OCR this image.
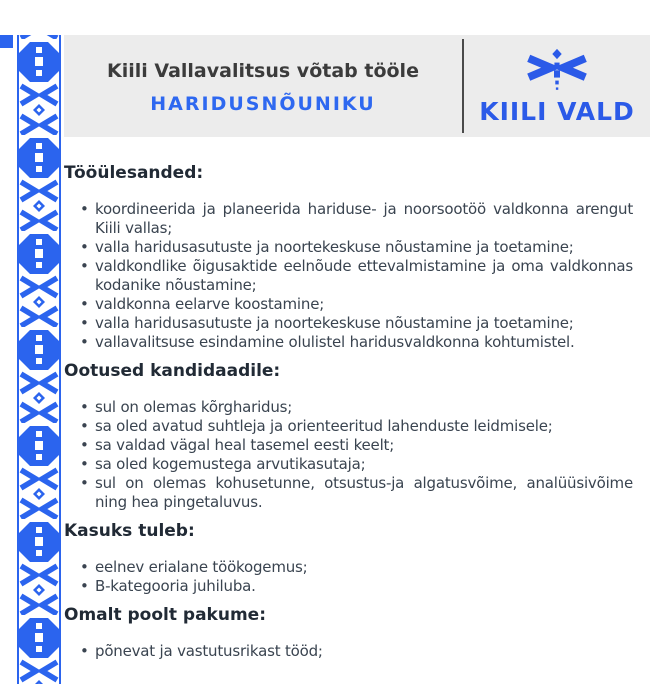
Kiili Vallavalitsus võtab tööle
HARIDUSNÕUNIKU	KIILI VALD
Tööülesanded:
• koordineerida ja planeerida hariduse- ja noorsootöö valdkonna arengut Kiili vallas;
• valla haridusasutuste ja noortekeskuse nõustamine ja toetamine;
• valdkondlike õigusaktide eelnõude ettevalmistamine ja oma valdkonnas kodanike nõustamine;
• valdkonna eelarve koostamine;
• valla haridusasutuste ja noortekeskuse nõustamine ja toetamine;
• vallavalitsuse esindamine olulistel haridusvaldkonna kohtumistel.
Ootused kandidaadile:
• sul on olemas kõrgharidus;
• sa oled avatud suhtleja ja orienteeritud lahenduste leidmisele;
• sa valdad vägal heal tasemel eesti keelt;
• sa oled kogemustega arvutikasutaja;
• sul on olemas kohusetunne, otsustus-ja algatusvõime, analüüsivõime ning hea pingetaluvus.
Kasuks tuleb:
• eelnev erialane töökogemus;
• B-kategooria juhiluba.
Omalt poolt pakume:
• põnevat ja vastutusrikast tööd;
